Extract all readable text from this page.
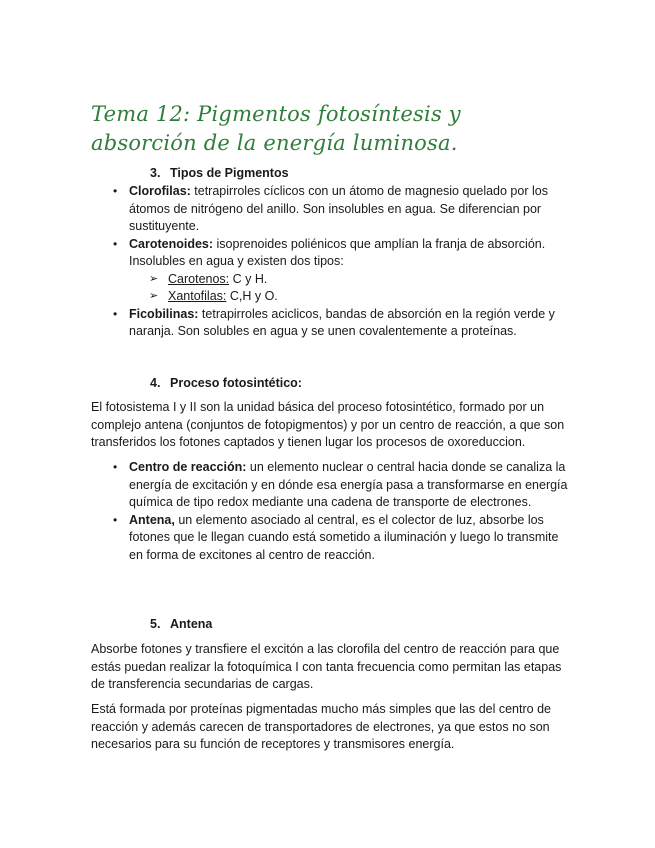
Tema 12: Pigmentos fotosíntesis y absorción de la energía luminosa.
3. Tipos de Pigmentos
• Clorofilas: tetrapirroles cíclicos con un átomo de magnesio quelado por los átomos de nitrógeno del anillo. Son insolubles en agua. Se diferencian por sustituyente.
• Carotenoides: isoprenoides poliénicos que amplían la franja de absorción. Insolubles en agua y existen dos tipos:
➢ Carotenos: C y H.
➢ Xantofilas: C,H y O.
• Ficobilinas: tetrapirroles aciclicos, bandas de absorción en la región verde y naranja. Son solubles en agua y se unen covalentemente a proteínas.
4. Proceso fotosintético:
El fotosistema I y II son la unidad básica del proceso fotosintético, formado por un complejo antena (conjuntos de fotopigmentos) y por un centro de reacción, a que son transferidos los fotones captados y tienen lugar los procesos de oxoreduccion.
• Centro de reacción: un elemento nuclear o central hacia donde se canaliza la energía de excitación y en dónde esa energía pasa a transformarse en energía química de tipo redox mediante una cadena de transporte de electrones.
• Antena, un elemento asociado al central, es el colector de luz, absorbe los fotones que le llegan cuando está sometido a iluminación y luego lo transmite en forma de excitones al centro de reacción.
5. Antena
Absorbe fotones y transfiere el excitón a las clorofila del centro de reacción para que estás puedan realizar la fotoquímica I con tanta frecuencia como permitan las etapas de transferencia secundarias de cargas.
Está formada por proteínas pigmentadas mucho más simples que las del centro de reacción y además carecen de transportadores de electrones, ya que estos no son necesarios para su función de receptores y transmisores energía.
